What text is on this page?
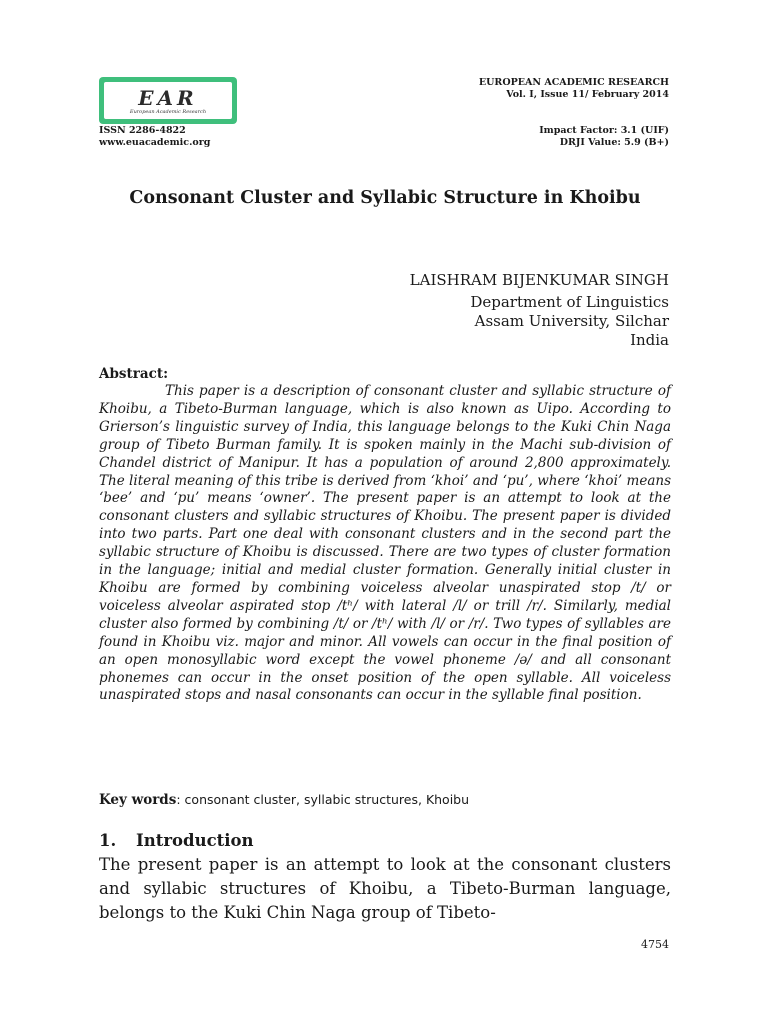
EAR
European Academic Research
ISSN 2286-4822
www.euacademic.org
EUROPEAN ACADEMIC RESEARCH
Vol. I, Issue 11/ February 2014
Impact Factor: 3.1 (UIF)
DRJI Value: 5.9 (B+)
Consonant Cluster and Syllabic Structure in Khoibu
LAISHRAM BIJENKUMAR SINGH
Department of Linguistics
Assam University, Silchar
India
Abstract:

This paper is a description of consonant cluster and syllabic structure of Khoibu, a Tibeto-Burman language, which is also known as Uipo. According to Grierson’s linguistic survey of India, this language belongs to the Kuki Chin Naga group of Tibeto Burman family. It is spoken mainly in the Machi sub-division of Chandel district of Manipur. It has a population of around 2,800 approximately. The literal meaning of this tribe is derived from ‘khoi’ and ‘pu’, where ‘khoi’ means ‘bee’ and ‘pu’ means ‘owner’. The present paper is an attempt to look at the consonant clusters and syllabic structures of Khoibu. The present paper is divided into two parts. Part one deal with consonant clusters and in the second part the syllabic structure of Khoibu is discussed. There are two types of cluster formation in the language; initial and medial cluster formation. Generally initial cluster in Khoibu are formed by combining voiceless alveolar unaspirated stop /t/ or voiceless alveolar aspirated stop /tʰ/ with lateral /l/ or trill /r/. Similarly, medial cluster also formed by combining /t/ or /tʰ/ with /l/ or /r/. Two types of syllables are found in Khoibu viz. major and minor. All vowels can occur in the final position of an open monosyllabic word except the vowel phoneme /ə/ and all consonant phonemes can occur in the onset position of the open syllable. All voiceless unaspirated stops and nasal consonants can occur in the syllable final position.

Key words: consonant cluster, syllabic structures, Khoibu
1. Introduction

The present paper is an attempt to look at the consonant clusters and syllabic structures of Khoibu, a Tibeto-Burman language, belongs to the Kuki Chin Naga group of Tibeto-

4754
